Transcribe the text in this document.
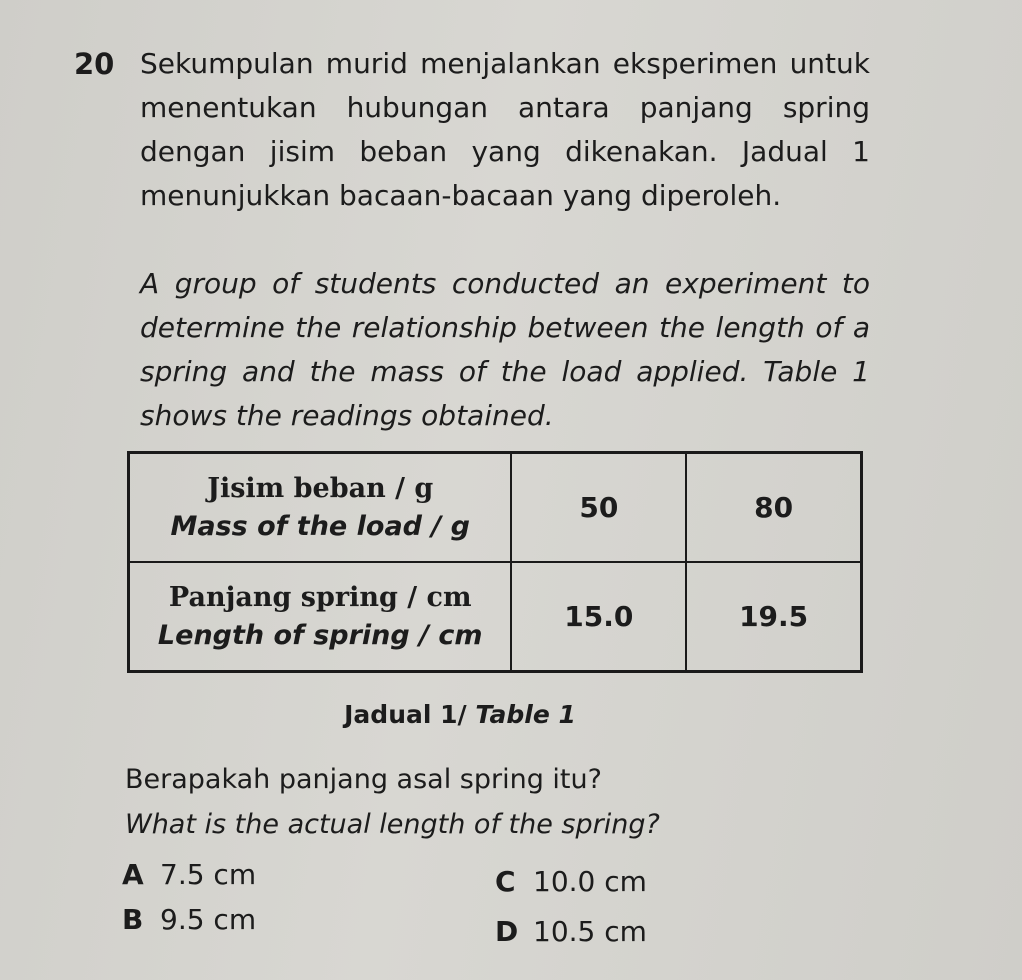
20 Sekumpulan murid menjalankan eksperimen untuk menentukan hubungan antara panjang spring dengan jisim beban yang dikenakan. Jadual 1 menunjukkan bacaan-bacaan yang diperoleh.

A group of students conducted an experiment to determine the relationship between the length of a spring and the mass of the load applied. Table 1 shows the readings obtained.

Jisim beban / g
Mass of the load / g	50	80

Panjang spring / cm
Length of spring / cm	15.0	19.5
Jadual 1/ Table 1
Berapakah panjang asal spring itu?
What is the actual length of the spring?
A 7.5 cm
B 9.5 cm
C 10.0 cm
D 10.5 cm
